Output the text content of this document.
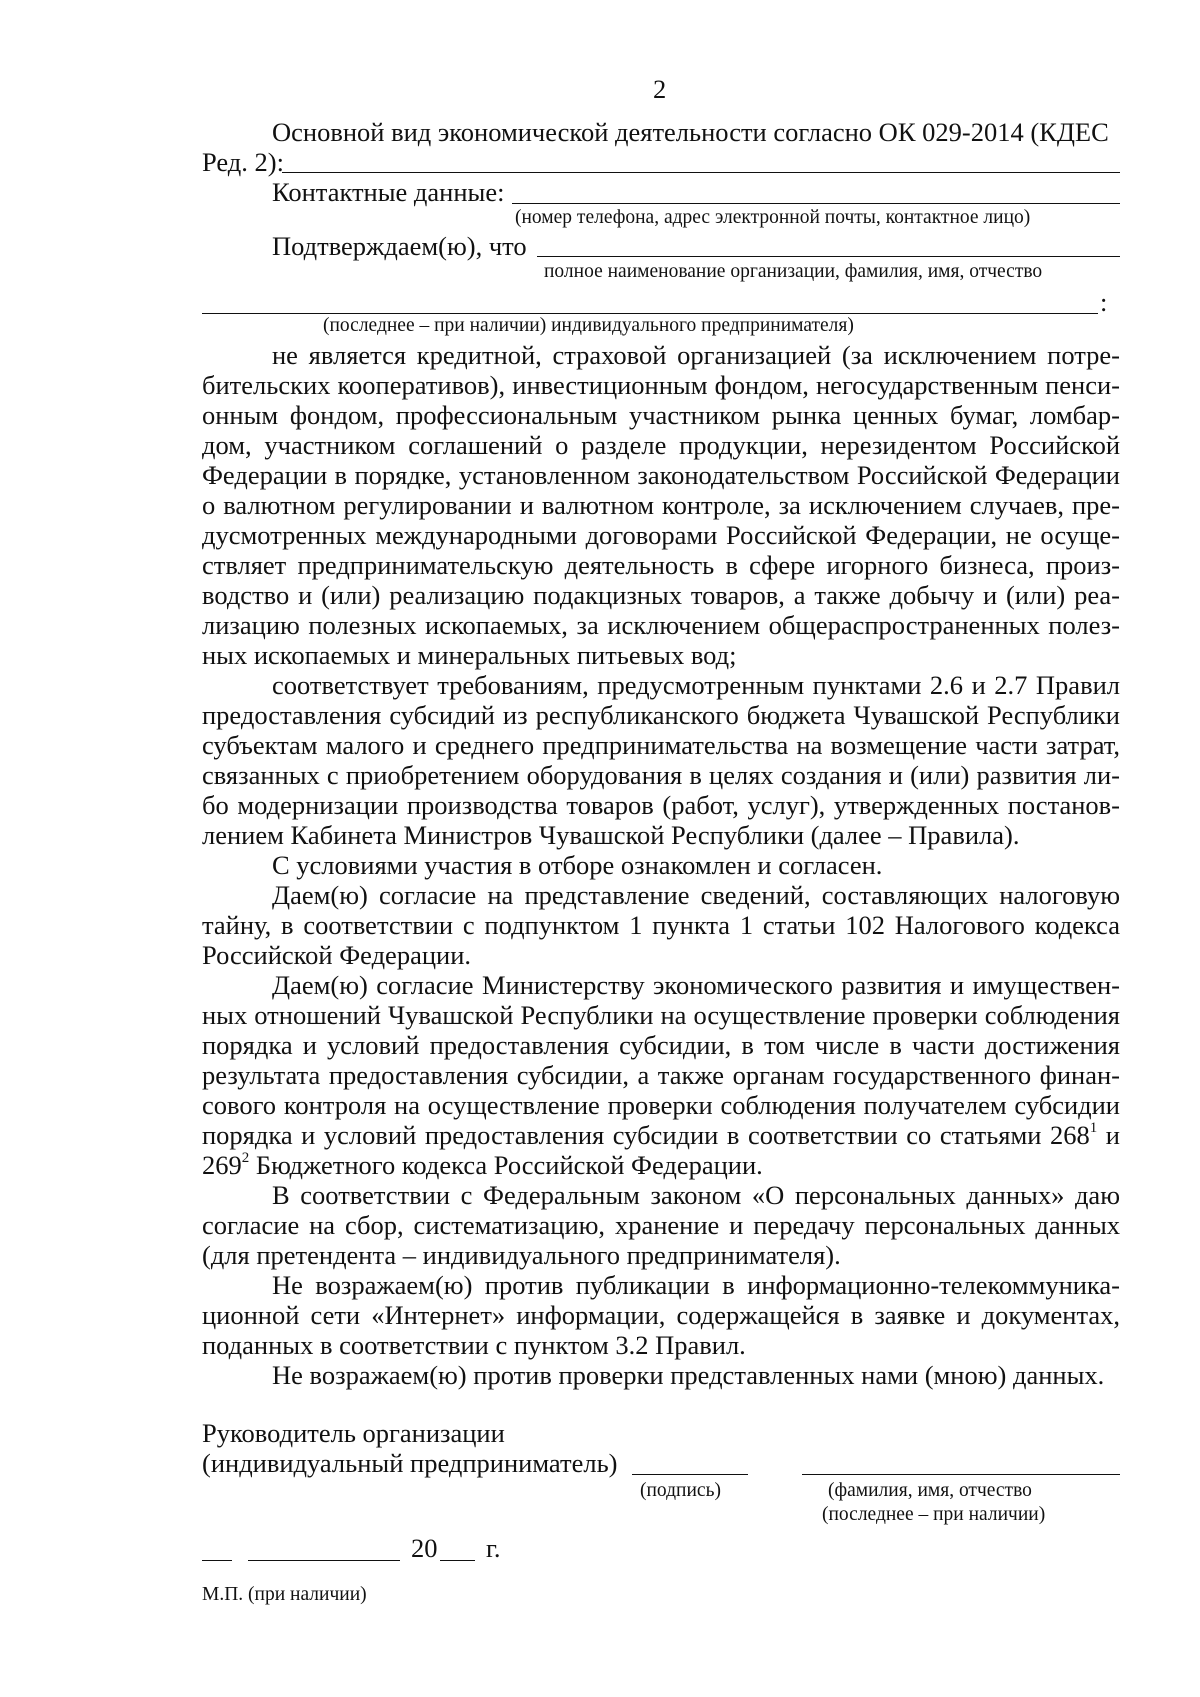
2
Основной вид экономической деятельности согласно ОК 029-2014 (КДЕС
Ред. 2):
Контактные данные:
(номер телефона, адрес электронной почты, контактное лицо)
Подтверждаем(ю), что
полное наименование организации, фамилия, имя, отчество
:
(последнее – при наличии) индивидуального предпринимателя)
не является кредитной, страховой организацией (за исключением потре-
бительских кооперативов), инвестиционным фондом, негосударственным пенси-
онным фондом, профессиональным участником рынка ценных бумаг, ломбар-
дом, участником соглашений о разделе продукции, нерезидентом Российской
Федерации в порядке, установленном законодательством Российской Федерации
о валютном регулировании и валютном контроле, за исключением случаев, пре-
дусмотренных международными договорами Российской Федерации, не осуще-
ствляет предпринимательскую деятельность в сфере игорного бизнеса, произ-
водство и (или) реализацию подакцизных товаров, а также добычу и (или) реа-
лизацию полезных ископаемых, за исключением общераспространенных полез-
ных ископаемых и минеральных питьевых вод;
соответствует требованиям, предусмотренным пунктами 2.6 и 2.7 Правил
предоставления субсидий из республиканского бюджета Чувашской Республики
субъектам малого и среднего предпринимательства на возмещение части затрат,
связанных с приобретением оборудования в целях создания и (или) развития ли-
бо модернизации производства товаров (работ, услуг), утвержденных постанов-
лением Кабинета Министров Чувашской Республики (далее – Правила).
С условиями участия в отборе ознакомлен и согласен.
Даем(ю) согласие на представление сведений, составляющих налоговую
тайну, в соответствии с подпунктом 1 пункта 1 статьи 102 Налогового кодекса
Российской Федерации.
Даем(ю) согласие Министерству экономического развития и имуществен-
ных отношений Чувашской Республики на осуществление проверки соблюдения
порядка и условий предоставления субсидии, в том числе в части достижения
результата предоставления субсидии, а также органам государственного финан-
сового контроля на осуществление проверки соблюдения получателем субсидии
порядка и условий предоставления субсидии в соответствии со статьями $268^1$ и
$269^2$ Бюджетного кодекса Российской Федерации.
В соответствии с Федеральным законом «О персональных данных» даю
согласие на сбор, систематизацию, хранение и передачу персональных данных
(для претендента – индивидуального предпринимателя).
Не возражаем(ю) против публикации в информационно-телекоммуника-
ционной сети «Интернет» информации, содержащейся в заявке и документах,
поданных в соответствии с пунктом 3.2 Правил.
Не возражаем(ю) против проверки представленных нами (мною) данных.
Руководитель организации
(индивидуальный предприниматель)
(подпись)	(фамилия, имя, отчество
(последнее – при наличии)
20 г.
М.П. (при наличии)
